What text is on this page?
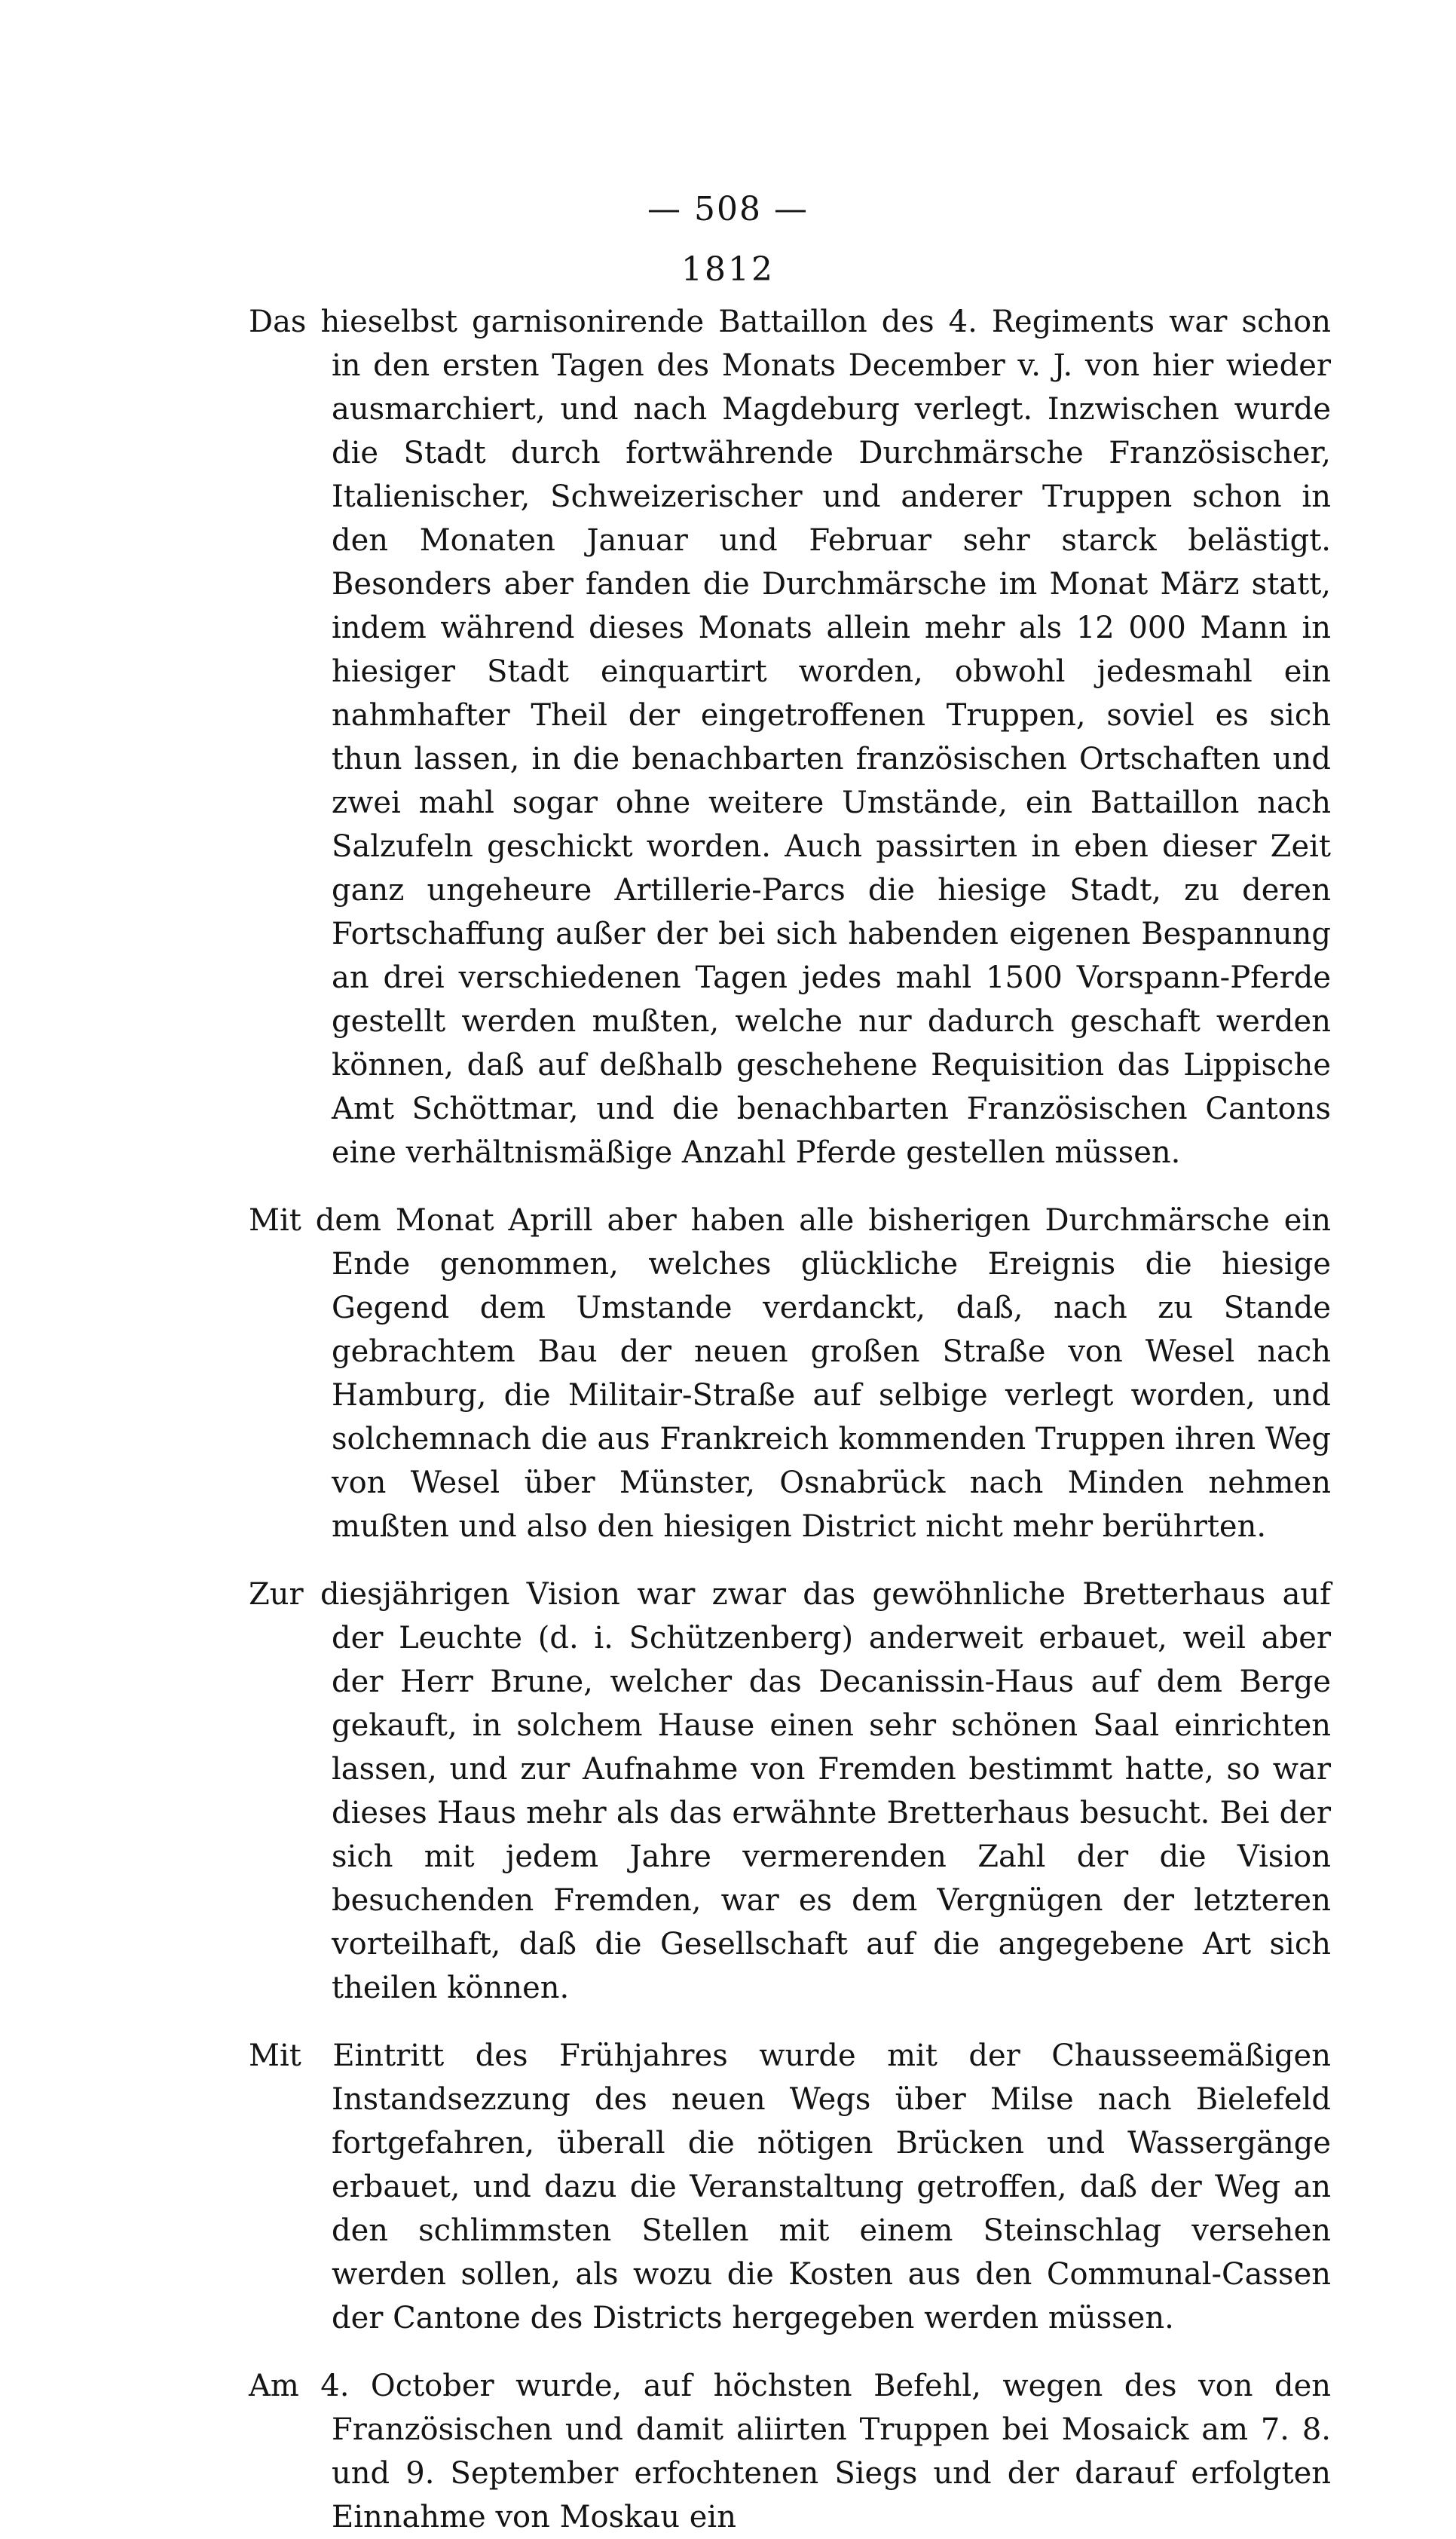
— 508 —
1812

Das hieselbst garnisonirende Battaillon des 4. Regiments war schon in den ersten Tagen des Monats December v. J. von hier wieder ausmarchiert, und nach Magdeburg verlegt. Inzwischen wurde die Stadt durch fortwährende Durchmärsche Französischer, Italienischer, Schweizerischer und anderer Truppen schon in den Monaten Januar und Februar sehr starck belästigt. Besonders aber fanden die Durchmärsche im Monat März statt, indem während dieses Monats allein mehr als 12 000 Mann in hiesiger Stadt einquartirt worden, obwohl jedesmahl ein nahmhafter Theil der eingetroffenen Truppen, soviel es sich thun lassen, in die benachbarten französischen Ortschaften und zwei mahl sogar ohne weitere Umstände, ein Battaillon nach Salzufeln geschickt worden. Auch passirten in eben dieser Zeit ganz ungeheure Artillerie-Parcs die hiesige Stadt, zu deren Fortschaffung außer der bei sich habenden eigenen Bespannung an drei verschiedenen Tagen jedes mahl 1500 Vorspann-Pferde gestellt werden mußten, welche nur dadurch geschaft werden können, daß auf deßhalb geschehene Requisition das Lippische Amt Schöttmar, und die benachbarten Französischen Cantons eine verhältnismäßige Anzahl Pferde gestellen müssen.

Mit dem Monat Aprill aber haben alle bisherigen Durchmärsche ein Ende genommen, welches glückliche Ereignis die hiesige Gegend dem Umstande verdanckt, daß, nach zu Stande gebrachtem Bau der neuen großen Straße von Wesel nach Hamburg, die Militair-Straße auf selbige verlegt worden, und solchemnach die aus Frankreich kommenden Truppen ihren Weg von Wesel über Münster, Osnabrück nach Minden nehmen mußten und also den hiesigen District nicht mehr berührten.

Zur diesjährigen Vision war zwar das gewöhnliche Bretterhaus auf der Leuchte (d. i. Schützenberg) anderweit erbauet, weil aber der Herr Brune, welcher das Decanissin-Haus auf dem Berge gekauft, in solchem Hause einen sehr schönen Saal einrichten lassen, und zur Aufnahme von Fremden bestimmt hatte, so war dieses Haus mehr als das erwähnte Bretterhaus besucht. Bei der sich mit jedem Jahre vermerenden Zahl der die Vision besuchenden Fremden, war es dem Vergnügen der letzteren vorteilhaft, daß die Gesellschaft auf die angegebene Art sich theilen können.

Mit Eintritt des Frühjahres wurde mit der Chausseemäßigen Instandsezzung des neuen Wegs über Milse nach Bielefeld fortgefahren, überall die nötigen Brücken und Wassergänge erbauet, und dazu die Veranstaltung getroffen, daß der Weg an den schlimmsten Stellen mit einem Steinschlag versehen werden sollen, als wozu die Kosten aus den Communal-Cassen der Cantone des Districts hergegeben werden müssen.

Am 4. October wurde, auf höchsten Befehl, wegen des von den Französischen und damit aliirten Truppen bei Mosaick am 7. 8. und 9. September erfochtenen Siegs und der darauf erfolgten Einnahme von Moskau ein
